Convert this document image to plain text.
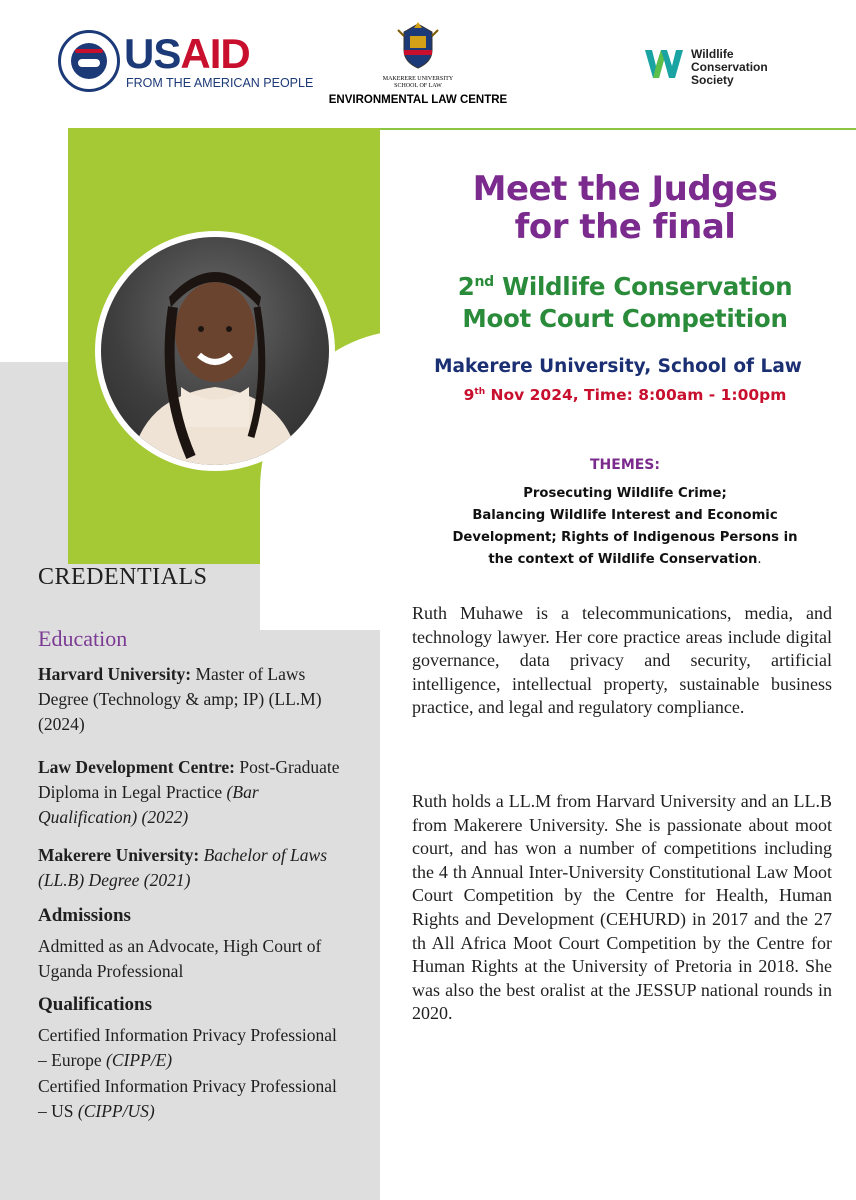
USAID
FROM THE AMERICAN PEOPLE	MAKERERE UNIVERSITY
SCHOOL OF LAW
ENVIRONMENTAL LAW CENTRE
Wildlife
Conservation
Society
CREDENTIALS
Education
Harvard University: Master of Laws Degree (Technology & amp; IP) (LL.M) (2024)
Law Development Centre: Post-Graduate Diploma in Legal Practice (Bar Qualification) (2022)
Makerere University: Bachelor of Laws (LL.B) Degree (2021)
Admissions
Admitted as an Advocate, High Court of Uganda Professional
Qualifications
Certified Information Privacy Professional – Europe (CIPP/E)
Certified Information Privacy Professional – US (CIPP/US)
Meet the Judges
for the final
2nd Wildlife Conservation
Moot Court Competition
Makerere University, School of Law
9th Nov 2024, Time: 8:00am - 1:00pm
THEMES:
Prosecuting Wildlife Crime;
Balancing Wildlife Interest and Economic
Development; Rights of Indigenous Persons in
the context of Wildlife Conservation.
Ruth Muhawe is a telecommunications, media, and technology lawyer. Her core practice areas include digital governance, data privacy and security, artificial intelligence, intellectual property, sustainable business practice, and legal and regulatory compliance.
Ruth holds a LL.M from Harvard University and an LL.B from Makerere University. She is passionate about moot court, and has won a number of competitions including the 4 th Annual Inter-University Constitutional Law Moot Court Competition by the Centre for Health, Human Rights and Development (CEHURD) in 2017 and the 27 th All Africa Moot Court Competition by the Centre for Human Rights at the University of Pretoria in 2018. She was also the best oralist at the JESSUP national rounds in 2020.
